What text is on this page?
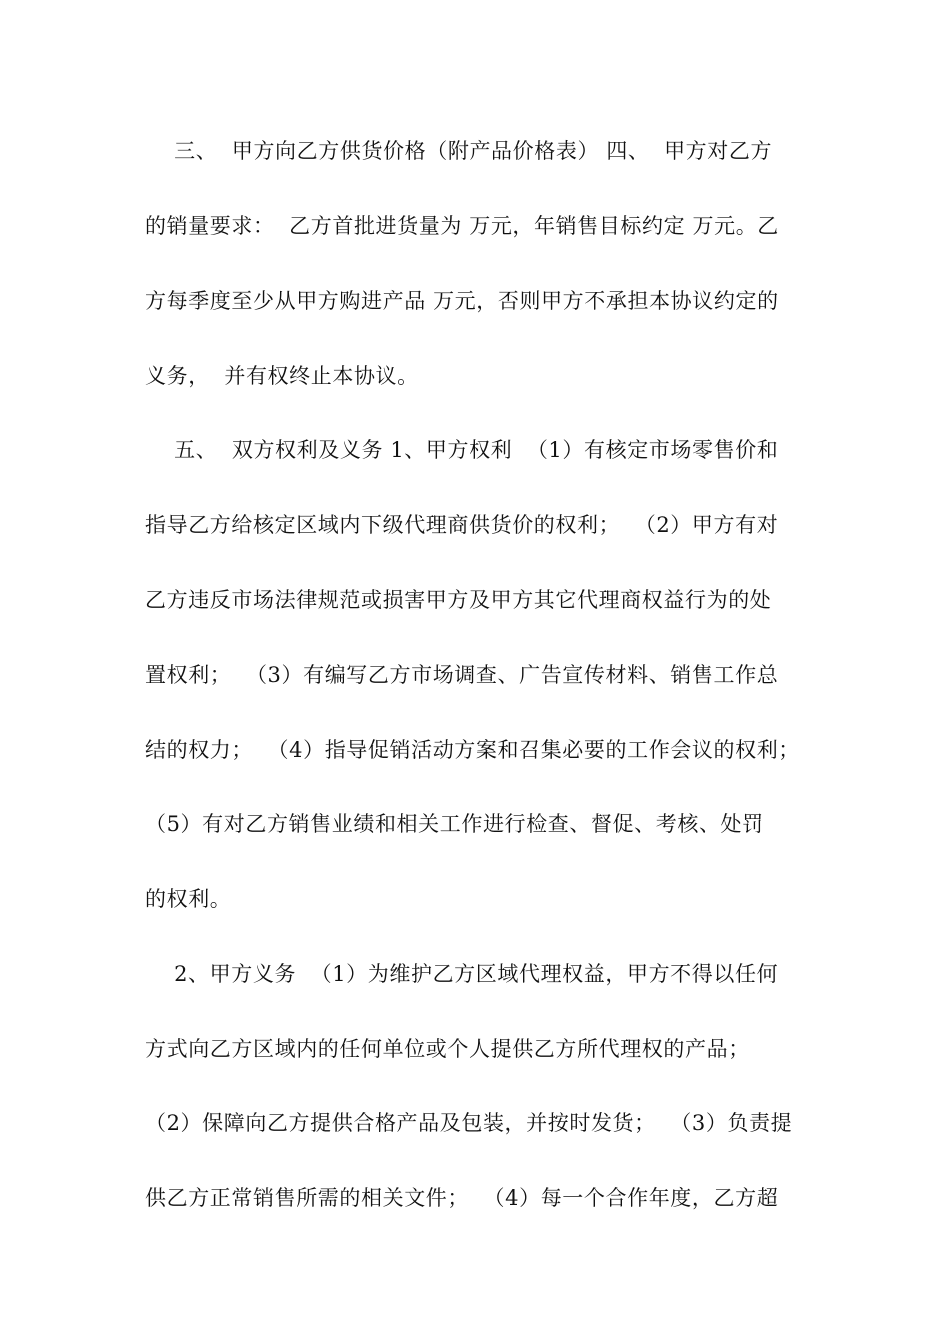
三、  甲方向乙方供货价格（附产品价格表） 四、  甲方对乙方
的销量要求：  乙方首批进货量为 万元，年销售目标约定 万元。乙
方每季度至少从甲方购进产品 万元，否则甲方不承担本协议约定的
义务，  并有权终止本协议。
五、  双方权利及义务 1、甲方权利  （1）有核定市场零售价和
指导乙方给核定区域内下级代理商供货价的权利；  （2）甲方有对
乙方违反市场法律规范或损害甲方及甲方其它代理商权益行为的处
置权利；  （3）有编写乙方市场调查、广告宣传材料、销售工作总
结的权力；  （4）指导促销活动方案和召集必要的工作会议的权利；
（5）有对乙方销售业绩和相关工作进行检查、督促、考核、处罚
的权利。
2、甲方义务  （1）为维护乙方区域代理权益，甲方不得以任何
方式向乙方区域内的任何单位或个人提供乙方所代理权的产品；
（2）保障向乙方提供合格产品及包装，并按时发货；  （3）负责提
供乙方正常销售所需的相关文件；  （4）每一个合作年度，乙方超
